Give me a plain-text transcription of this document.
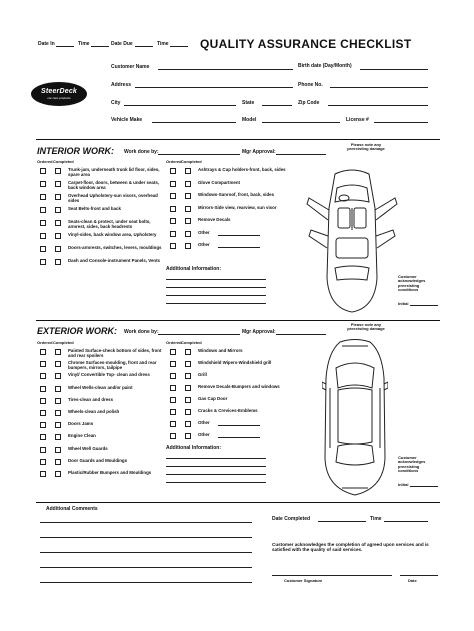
Date In	Time	Date Due	Time	QUALITY ASSURANCE CHECKLIST
SteerDeck
car care products
Customer Name	Birth date (Day/Month)
Address	Phone No.
City	State	Zip Code
Vehicle Make	Model	License #
INTERIOR WORK: Work done by:	Mgr Approval:
Please note any preexisting damage
Ordered Completed	Ordered Completed
Trunk-jam, underneath trunk lid floor, sides, spare area
Carpet-floor, doors, between & under seats, back window area
Overhead Upholstery-sun visors, overhead sides
Seat Belts-front and back
Seats-clean & protect, under seat bolts, armrest, sides, back headrests
Vinyl-sides, back window area, Upholstery
Doors-armrests, switches, levers, mouldings
Dash and Console-instrument Panels, Vents
Ashtrays & Cup holders-front, back, sides
Glove Compartment
Windows-Sunroof, front, back, sides
Mirrors-Side view, rearview, sun visor
Remove Decals
Other
Other
Additional Information:
Customer acknowledges preexisting conditions
Initial
EXTERIOR WORK: Work done by:	Mgr Approval:
Please note any preexisting damage
Ordered Completed	Ordered Completed
Painted Surface-check bottom of sides, front and rear spoilers
Chrome Surfaces-moulding, front and rear bumpers, mirrors, tailpipe
Vinyl/ Convertible Top- clean and dress
Wheel Wells-clean and/or paint
Tires-clean and dress
Wheels-clean and polish
Doors Jams
Engine Clean
Wheel Well Guards
Door Guards and Mouldings
Plastic/Rubber Bumpers and Mouldings
Windows and Mirrors
Windshield Wipers-Windshield grill
Grill
Remove Decals-Bumpers and windows
Gas Cap Door
Cracks & Crevices-Emblems
Other
Other
Additional Information:
Customer acknowledges preexisting conditions
Initial
Additional Comments
Date Completed	Time
Customer acknowledges the completion of agreed upon services and is satisfied with the quality of said services.
Customer Signature	Date
